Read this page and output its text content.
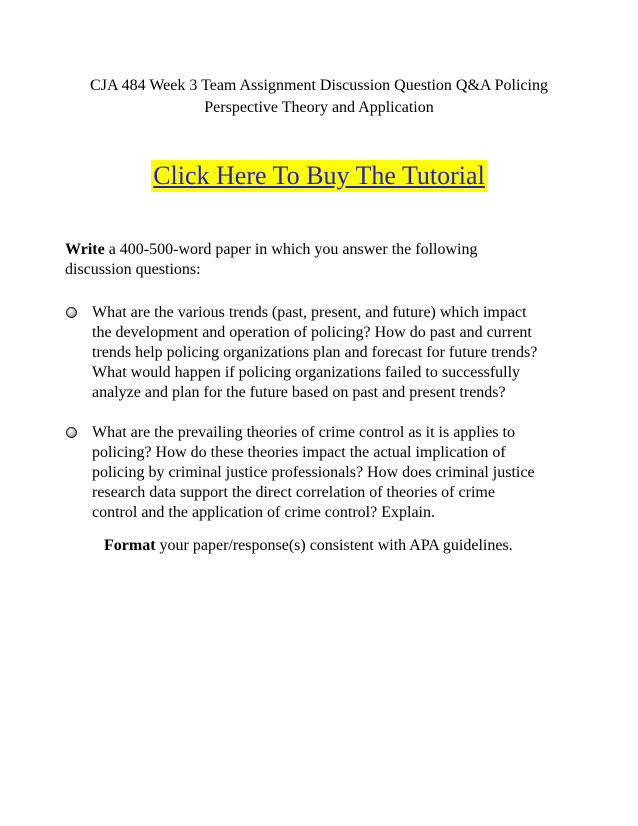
CJA 484 Week 3 Team Assignment Discussion Question Q&A Policing
Perspective Theory and Application
Click Here To Buy The Tutorial

Write a 400-500-word paper in which you answer the following
discussion questions:

What are the various trends (past, present, and future) which impact
the development and operation of policing? How do past and current
trends help policing organizations plan and forecast for future trends?
What would happen if policing organizations failed to successfully
analyze and plan for the future based on past and present trends?
What are the prevailing theories of crime control as it is applies to
policing? How do these theories impact the actual implication of
policing by criminal justice professionals? How does criminal justice
research data support the direct correlation of theories of crime
control and the application of crime control? Explain.

Format your paper/response(s) consistent with APA guidelines.
